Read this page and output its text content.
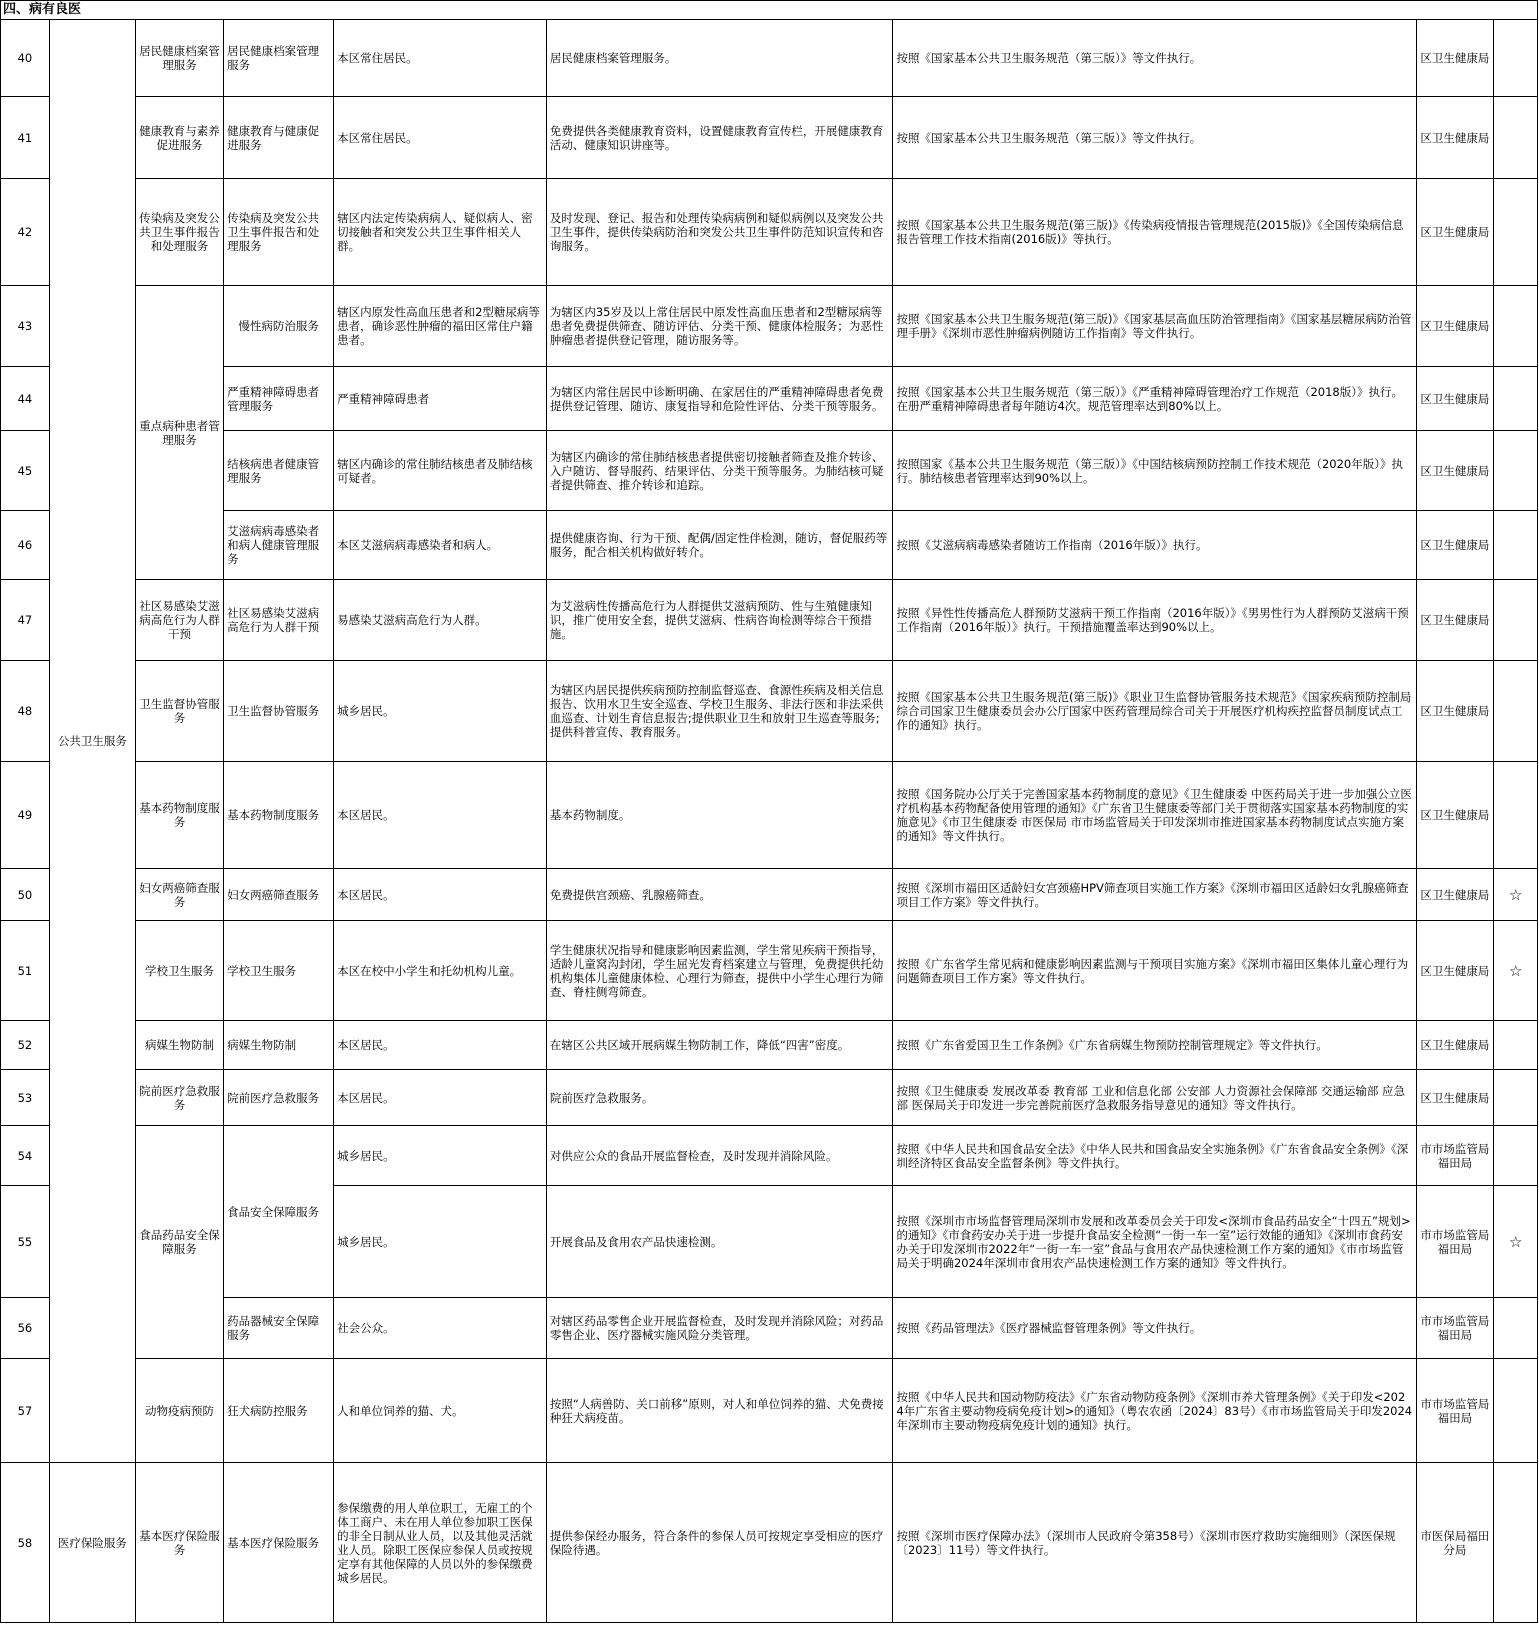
四、病有良医
40	公共卫生服务	居民健康档案管理服务	居民健康档案管理服务	本区常住居民。	居民健康档案管理服务。	按照《国家基本公共卫生服务规范（第三版）》等文件执行。	区卫生健康局	
41		健康教育与素养促进服务	健康教育与健康促进服务	本区常住居民。	免费提供各类健康教育资料，设置健康教育宣传栏，开展健康教育活动、健康知识讲座等。	按照《国家基本公共卫生服务规范（第三版）》等文件执行。	区卫生健康局	
42		传染病及突发公共卫生事件报告和处理服务	传染病及突发公共卫生事件报告和处理服务	辖区内法定传染病病人、疑似病人、密切接触者和突发公共卫生事件相关人群。	及时发现、登记、报告和处理传染病病例和疑似病例以及突发公共卫生事件，提供传染病防治和突发公共卫生事件防范知识宣传和咨询服务。	按照《国家基本公共卫生服务规范(第三版)》《传染病疫情报告管理规范(2015版)》《全国传染病信息报告管理工作技术指南(2016版)》等执行。	区卫生健康局	
43		重点病种患者管理服务	慢性病防治服务	辖区内原发性高血压患者和2型糖尿病等患者，确诊恶性肿瘤的福田区常住户籍患者。	为辖区内35岁及以上常住居民中原发性高血压患者和2型糖尿病等患者免费提供筛查、随访评估、分类干预、健康体检服务；为恶性肿瘤患者提供登记管理，随访服务等。	按照《国家基本公共卫生服务规范(第三版)》《国家基层高血压防治管理指南》《国家基层糖尿病防治管理手册》《深圳市恶性肿瘤病例随访工作指南》等文件执行。	区卫生健康局	
44			严重精神障碍患者管理服务	严重精神障碍患者	为辖区内常住居民中诊断明确、在家居住的严重精神障碍患者免费提供登记管理、随访、康复指导和危险性评估、分类干预等服务。	按照《国家基本公共卫生服务规范（第三版）》《严重精神障碍管理治疗工作规范（2018版）》执行。在册严重精神障碍患者每年随访4次。规范管理率达到80%以上。	区卫生健康局	
45			结核病患者健康管理服务	辖区内确诊的常住肺结核患者及肺结核可疑者。	为辖区内确诊的常住肺结核患者提供密切接触者筛查及推介转诊、入户随访、督导服药、结果评估、分类干预等服务。为肺结核可疑者提供筛查、推介转诊和追踪。	按照国家《基本公共卫生服务规范（第三版）》《中国结核病预防控制工作技术规范（2020年版）》执行。肺结核患者管理率达到90%以上。	区卫生健康局	
46			艾滋病病毒感染者和病人健康管理服务	本区艾滋病病毒感染者和病人。	提供健康咨询、行为干预、配偶/固定性伴检测，随访，督促服药等服务，配合相关机构做好转介。	按照《艾滋病病毒感染者随访工作指南（2016年版）》执行。	区卫生健康局	
47		社区易感染艾滋病高危行为人群干预	社区易感染艾滋病高危行为人群干预	易感染艾滋病高危行为人群。	为艾滋病性传播高危行为人群提供艾滋病预防、性与生殖健康知识，推广使用安全套，提供艾滋病、性病咨询检测等综合干预措施。	按照《异性性传播高危人群预防艾滋病干预工作指南（2016年版）》《男男性行为人群预防艾滋病干预工作指南（2016年版）》执行。干预措施覆盖率达到90%以上。	区卫生健康局	
48		卫生监督协管服务	卫生监督协管服务	城乡居民。	为辖区内居民提供疾病预防控制监督巡查、食源性疾病及相关信息报告、饮用水卫生安全巡查、学校卫生服务、非法行医和非法采供血巡查、计划生育信息报告;提供职业卫生和放射卫生巡查等服务;提供科普宣传、教育服务。	按照《国家基本公共卫生服务规范(第三版)》《职业卫生监督协管服务技术规范》《国家疾病预防控制局综合司国家卫生健康委员会办公厅国家中医药管理局综合司关于开展医疗机构疾控监督员制度试点工作的通知》执行。	区卫生健康局	
49		基本药物制度服务	基本药物制度服务	本区居民。	基本药物制度。	按照《国务院办公厅关于完善国家基本药物制度的意见》《卫生健康委 中医药局关于进一步加强公立医疗机构基本药物配备使用管理的通知》《广东省卫生健康委等部门关于贯彻落实国家基本药物制度的实施意见》《市卫生健康委 市医保局 市市场监管局关于印发深圳市推进国家基本药物制度试点实施方案的通知》等文件执行。	区卫生健康局	
50		妇女两癌筛查服务	妇女两癌筛查服务	本区居民。	免费提供宫颈癌、乳腺癌筛查。	按照《深圳市福田区适龄妇女宫颈癌HPV筛查项目实施工作方案》《深圳市福田区适龄妇女乳腺癌筛查项目工作方案》等文件执行。	区卫生健康局	☆
51		学校卫生服务	学校卫生服务	本区在校中小学生和托幼机构儿童。	学生健康状况指导和健康影响因素监测，学生常见疾病干预指导，适龄儿童窝沟封闭，学生屈光发育档案建立与管理，免费提供托幼机构集体儿童健康体检、心理行为筛查，提供中小学生心理行为筛查、脊柱侧弯筛查。	按照《广东省学生常见病和健康影响因素监测与干预项目实施方案》《深圳市福田区集体儿童心理行为问题筛查项目工作方案》等文件执行。	区卫生健康局	☆
52		病媒生物防制	病媒生物防制	本区居民。	在辖区公共区域开展病媒生物防制工作，降低“四害”密度。	按照《广东省爱国卫生工作条例》《广东省病媒生物预防控制管理规定》等文件执行。	区卫生健康局	
53		院前医疗急救服务	院前医疗急救服务	本区居民。	院前医疗急救服务。	按照《卫生健康委 发展改革委 教育部 工业和信息化部 公安部 人力资源社会保障部 交通运输部 应急部 医保局关于印发进一步完善院前医疗急救服务指导意见的通知》等文件执行。	区卫生健康局	
54		食品药品安全保障服务	食品安全保障服务	城乡居民。	对供应公众的食品开展监督检查，及时发现并消除风险。	按照《中华人民共和国食品安全法》《中华人民共和国食品安全实施条例》《广东省食品安全条例》《深圳经济特区食品安全监督条例》等文件执行。	市市场监管局福田局	
55				城乡居民。	开展食品及食用农产品快速检测。	按照《深圳市市场监督管理局深圳市发展和改革委员会关于印发<深圳市食品药品安全“十四五”规划>的通知》《市食药安办关于进一步提升食品安全检测“一街一车一室”运行效能的通知》《深圳市食药安办关于印发深圳市2022年“一街一车一室”食品与食用农产品快速检测工作方案的通知》《市市场监管局关于明确2024年深圳市食用农产品快速检测工作方案的通知》等文件执行。	市市场监管局福田局	☆
56			药品器械安全保障服务	社会公众。	对辖区药品零售企业开展监督检查，及时发现并消除风险；对药品零售企业、医疗器械实施风险分类管理。	按照《药品管理法》《医疗器械监督管理条例》等文件执行。	市市场监管局福田局	
57		动物疫病预防	狂犬病防控服务	人和单位饲养的猫、犬。	按照“人病兽防、关口前移”原则，对人和单位饲养的猫、犬免费接种狂犬病疫苗。	按照《中华人民共和国动物防疫法》《广东省动物防疫条例》《深圳市养犬管理条例》《关于印发<2024年广东省主要动物疫病免疫计划>的通知》（粤农农函〔2024〕83号）《市市场监管局关于印发2024年深圳市主要动物疫病免疫计划的通知》执行。	市市场监管局福田局	
58	医疗保险服务	基本医疗保险服务	基本医疗保险服务	参保缴费的用人单位职工，无雇工的个体工商户、未在用人单位参加职工医保的非全日制从业人员，以及其他灵活就业人员。除职工医保应参保人员或按规定享有其他保障的人员以外的参保缴费城乡居民。	提供参保经办服务，符合条件的参保人员可按规定享受相应的医疗保险待遇。	按照《深圳市医疗保障办法》（深圳市人民政府令第358号）《深圳市医疗救助实施细则》（深医保规〔2023〕11号）等文件执行。	市医保局福田分局	
